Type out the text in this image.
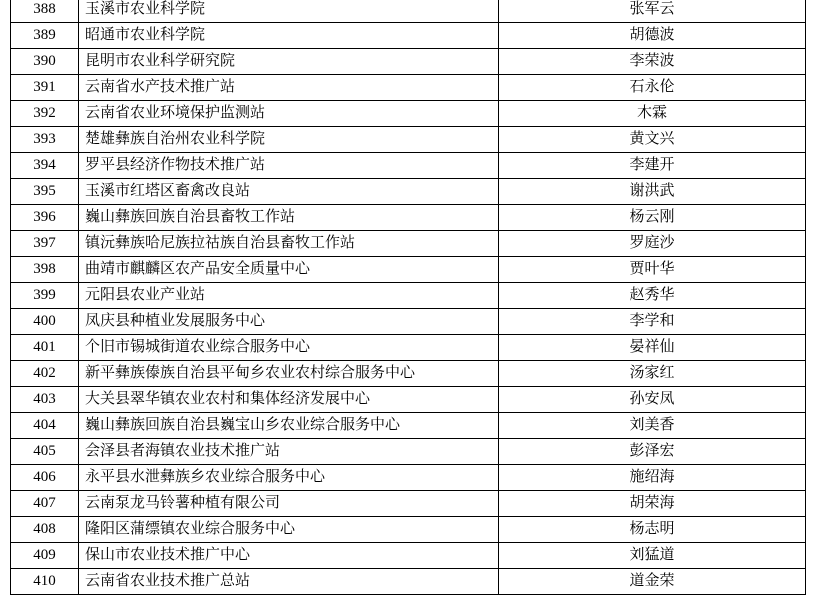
388	玉溪市农业科学院	张军云
389	昭通市农业科学院	胡德波
390	昆明市农业科学研究院	李荣波
391	云南省水产技术推广站	石永伦
392	云南省农业环境保护监测站	木霖
393	楚雄彝族自治州农业科学院	黄文兴
394	罗平县经济作物技术推广站	李建开
395	玉溪市红塔区畜禽改良站	谢洪武
396	巍山彝族回族自治县畜牧工作站	杨云刚
397	镇沅彝族哈尼族拉祜族自治县畜牧工作站	罗庭沙
398	曲靖市麒麟区农产品安全质量中心	贾叶华
399	元阳县农业产业站	赵秀华
400	凤庆县种植业发展服务中心	李学和
401	个旧市锡城街道农业综合服务中心	晏祥仙
402	新平彝族傣族自治县平甸乡农业农村综合服务中心	汤家红
403	大关县翠华镇农业农村和集体经济发展中心	孙安凤
404	巍山彝族回族自治县巍宝山乡农业综合服务中心	刘美香
405	会泽县者海镇农业技术推广站	彭泽宏
406	永平县水泄彝族乡农业综合服务中心	施绍海
407	云南泵龙马铃薯种植有限公司	胡荣海
408	隆阳区蒲缥镇农业综合服务中心	杨志明
409	保山市农业技术推广中心	刘猛道
410	云南省农业技术推广总站	道金荣
